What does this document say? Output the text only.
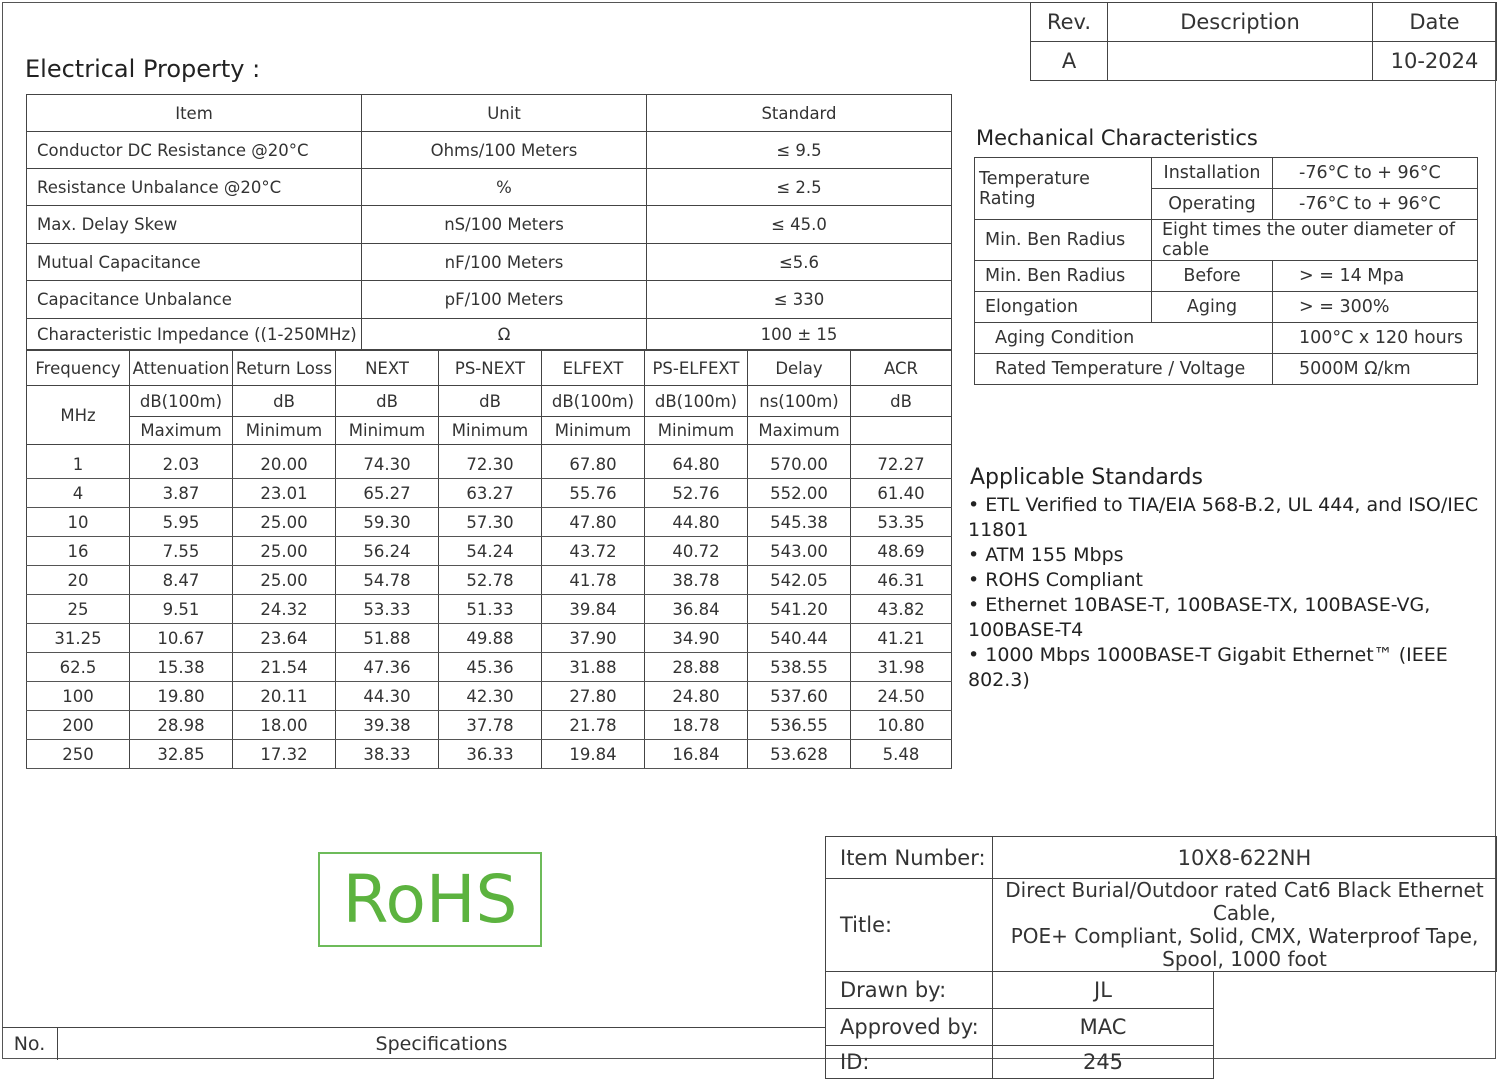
Rev.	Description	Date
A		10-2024
Electrical Property :
Item	Unit	Standard
Conductor DC Resistance @20°C	Ohms/100 Meters	≤ 9.5
Resistance Unbalance @20°C	%	≤ 2.5
Max. Delay Skew	nS/100 Meters	≤ 45.0
Mutual Capacitance	nF/100 Meters	≤5.6
Capacitance Unbalance	pF/100 Meters	≤ 330
Characteristic Impedance ((1-250MHz)	Ω	100 ± 15
Frequency	Attenuation	Return Loss	NEXT	PS-NEXT	ELFEXT	PS-ELFEXT	Delay	ACR
MHz	dB(100m)	dB	dB	dB	dB(100m)	dB(100m)	ns(100m)	dB
	Maximum	Minimum	Minimum	Minimum	Minimum	Minimum	Maximum	
1	2.03	20.00	74.30	72.30	67.80	64.80	570.00	72.27
4	3.87	23.01	65.27	63.27	55.76	52.76	552.00	61.40
10	5.95	25.00	59.30	57.30	47.80	44.80	545.38	53.35
16	7.55	25.00	56.24	54.24	43.72	40.72	543.00	48.69
20	8.47	25.00	54.78	52.78	41.78	38.78	542.05	46.31
25	9.51	24.32	53.33	51.33	39.84	36.84	541.20	43.82
31.25	10.67	23.64	51.88	49.88	37.90	34.90	540.44	41.21
62.5	15.38	21.54	47.36	45.36	31.88	28.88	538.55	31.98
100	19.80	20.11	44.30	42.30	27.80	24.80	537.60	24.50
200	28.98	18.00	39.38	37.78	21.78	18.78	536.55	10.80
250	32.85	17.32	38.33	36.33	19.84	16.84	53.628	5.48
Mechanical Characteristics
Temperature Rating	Installation	-76°C to + 96°C
	Operating	-76°C to + 96°C
Min. Ben Radius	Eight times the outer diameter of cable	
Min. Ben Radius	Before	> = 14 Mpa
Elongation	Aging	> = 300%
Aging Condition		100°C x 120 hours
Rated Temperature / Voltage		5000M Ω/km
Applicable Standards
• ETL Verified to TIA/EIA 568-B.2, UL 444, and ISO/IEC 11801
• ATM 155 Mbps
• ROHS Compliant
• Ethernet 10BASE-T, 100BASE-TX, 100BASE-VG, 100BASE-T4
• 1000 Mbps 1000BASE-T Gigabit Ethernet™ (IEEE 802.3)
RoHS
Item Number:	10X8-622NH	
Title:	Direct Burial/Outdoor rated Cat6 Black Ethernet Cable,
POE+ Compliant, Solid, CMX, Waterproof Tape,
Spool, 1000 foot	

Drawn by:	JL	
Approved by:	MAC	
ID:	245	
No.	Specifications
